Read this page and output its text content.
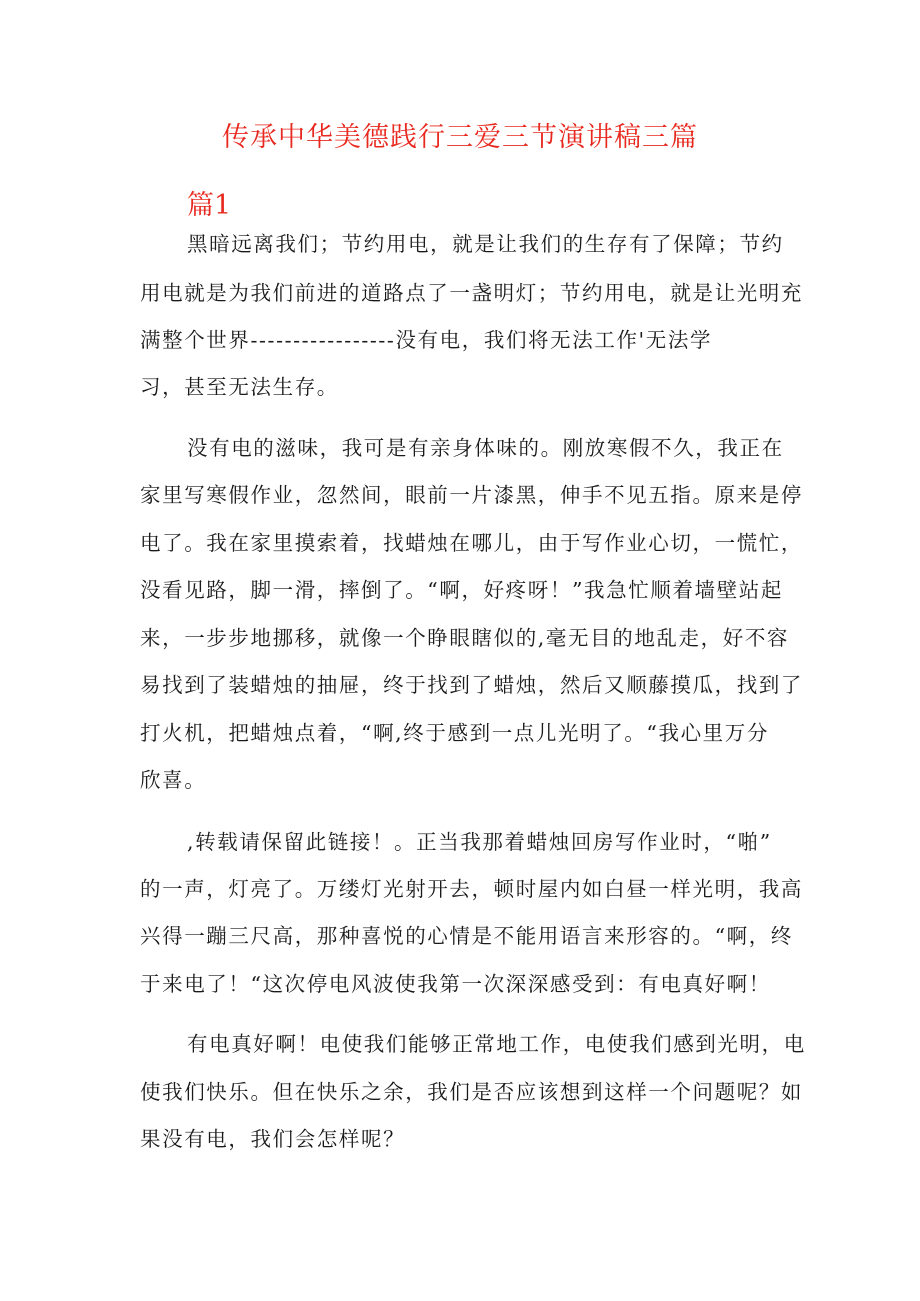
传承中华美德践行三爱三节演讲稿三篇
篇1
黑暗远离我们；节约用电，就是让我们的生存有了保障；节约
用电就是为我们前进的道路点了一盏明灯；节约用电，就是让光明充
满整个世界-----------------没有电，我们将无法工作'无法学
习，甚至无法生存。
没有电的滋味，我可是有亲身体味的。刚放寒假不久，我正在
家里写寒假作业，忽然间，眼前一片漆黑，伸手不见五指。原来是停
电了。我在家里摸索着，找蜡烛在哪儿，由于写作业心切，一慌忙，
没看见路，脚一滑，摔倒了。“啊，好疼呀！”我急忙顺着墙壁站起
来，一步步地挪移，就像一个睁眼瞎似的,毫无目的地乱走，好不容
易找到了装蜡烛的抽屉，终于找到了蜡烛，然后又顺藤摸瓜，找到了
打火机，把蜡烛点着，“啊,终于感到一点儿光明了。“我心里万分
欣喜。
,转载请保留此链接！。正当我那着蜡烛回房写作业时，“啪”
的一声，灯亮了。万缕灯光射开去，顿时屋内如白昼一样光明，我高
兴得一蹦三尺高，那种喜悦的心情是不能用语言来形容的。“啊，终
于来电了！“这次停电风波使我第一次深深感受到：有电真好啊！
有电真好啊！电使我们能够正常地工作，电使我们感到光明，电
使我们快乐。但在快乐之余，我们是否应该想到这样一个问题呢？如
果没有电，我们会怎样呢？
